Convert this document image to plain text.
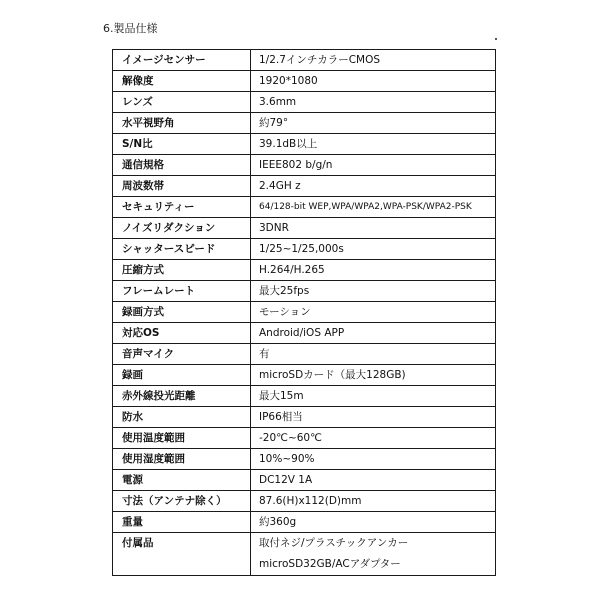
6.製品仕様
イメージセンサー	1/2.7インチカラーCMOS
解像度	1920*1080
レンズ	3.6mm
水平視野角	約79°
S/N比	39.1dB以上
通信規格	IEEE802 b/g/n
周波数帯	2.4GH z
セキュリティー	64/128-bit WEP,WPA/WPA2,WPA-PSK/WPA2-PSK
ノイズリダクション	3DNR
シャッタースピード	1/25~1/25,000s
圧縮方式	H.264/H.265
フレームレート	最大25fps
録画方式	モーション
対応OS	Android/iOS APP
音声マイク	有
録画	microSDカード（最大128GB)
赤外線投光距離	最大15m
防水	IP66相当
使用温度範囲	-20℃~60℃
使用湿度範囲	10%~90%
電源	DC12V 1A
寸法（アンテナ除く）	87.6(H)x112(D)mm
重量	約360g

付属品	取付ネジ/プラスチックアンカー
microSD32GB/ACアダプター
